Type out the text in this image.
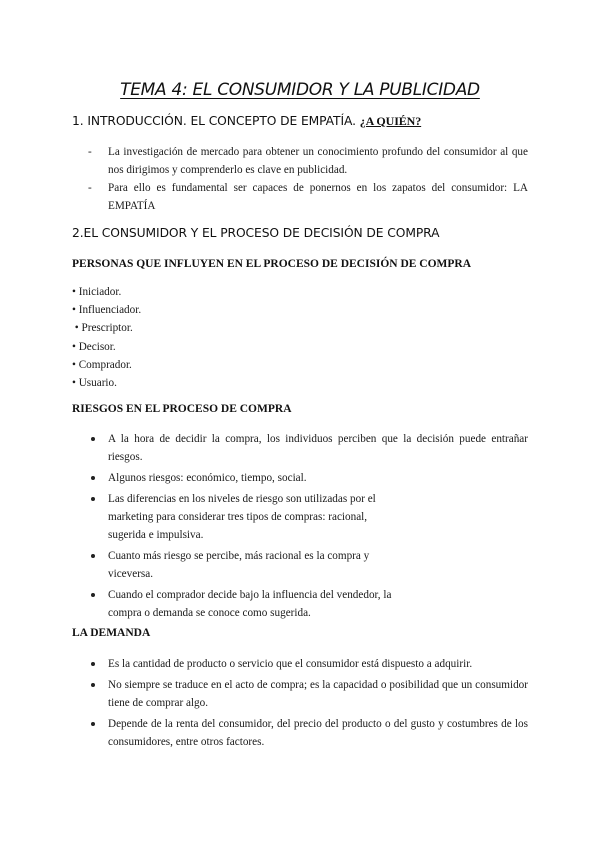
TEMA 4: EL CONSUMIDOR Y LA PUBLICIDAD
1. INTRODUCCIÓN. EL CONCEPTO DE EMPATÍA. ¿A QUIÉN?
- La investigación de mercado para obtener un conocimiento profundo del consumidor al que nos dirigimos y comprenderlo es clave en publicidad.
- Para ello es fundamental ser capaces de ponernos en los zapatos del consumidor: LA EMPATÍA
2.EL CONSUMIDOR Y EL PROCESO DE DECISIÓN DE COMPRA
PERSONAS QUE INFLUYEN EN EL PROCESO DE DECISIÓN DE COMPRA
• Iniciador.
• Influenciador.
• Prescriptor.
• Decisor.
• Comprador.
• Usuario.
RIESGOS EN EL PROCESO DE COMPRA
A la hora de decidir la compra, los individuos perciben que la decisión puede entrañar riesgos.
Algunos riesgos: económico, tiempo, social.
Las diferencias en los niveles de riesgo son utilizadas por el marketing para considerar tres tipos de compras: racional, sugerida e impulsiva.
Cuanto más riesgo se percibe, más racional es la compra y viceversa.
Cuando el comprador decide bajo la influencia del vendedor, la compra o demanda se conoce como sugerida.
LA DEMANDA
Es la cantidad de producto o servicio que el consumidor está dispuesto a adquirir.
No siempre se traduce en el acto de compra; es la capacidad o posibilidad que un consumidor tiene de comprar algo.
Depende de la renta del consumidor, del precio del producto o del gusto y costumbres de los consumidores, entre otros factores.
